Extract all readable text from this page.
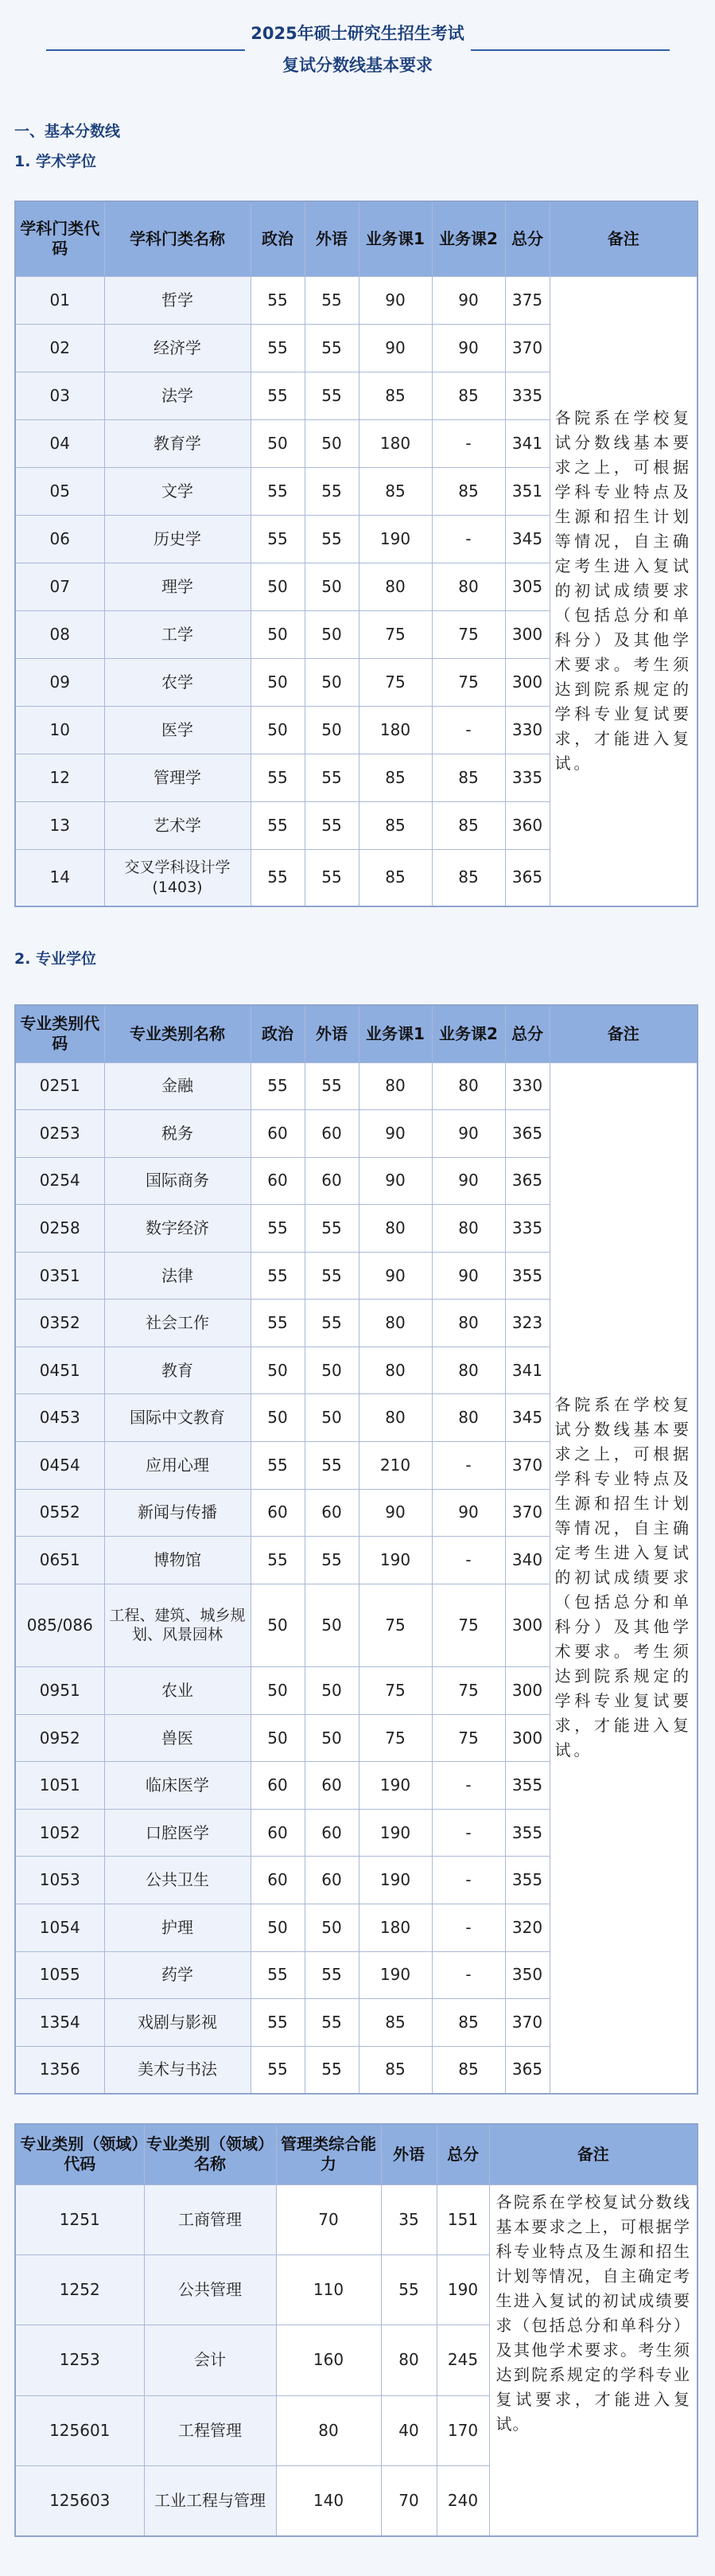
2025年硕士研究生招生考试
复试分数线基本要求
一、基本分数线
1. 学术学位
学科门类代码	学科门类名称	政治	外语	业务课1	业务课2	总分	备注
01	哲学	55	55	90	90	375	各院系在学校复试分数线基本要求之上，可根据学科专业特点及生源和招生计划等情况，自主确定考生进入复试的初试成绩要求（包括总分和单科分）及其他学术要求。考生须达到院系规定的学科专业复试要求，才能进入复试。
02	经济学	55	55	90	90	370	
03	法学	55	55	85	85	335	
04	教育学	50	50	180	-	341	
05	文学	55	55	85	85	351	
06	历史学	55	55	190	-	345	
07	理学	50	50	80	80	305	
08	工学	50	50	75	75	300	
09	农学	50	50	75	75	300	
10	医学	50	50	180	-	330	
12	管理学	55	55	85	85	335	
13	艺术学	55	55	85	85	360	
14	交叉学科设计学(1403)	55	55	85	85	365	
2. 专业学位
专业类别代码	专业类别名称	政治	外语	业务课1	业务课2	总分	备注
0251	金融	55	55	80	80	330	各院系在学校复试分数线基本要求之上，可根据学科专业特点及生源和招生计划等情况，自主确定考生进入复试的初试成绩要求（包括总分和单科分）及其他学术要求。考生须达到院系规定的学科专业复试要求，才能进入复试。
0253	税务	60	60	90	90	365	
0254	国际商务	60	60	90	90	365	
0258	数字经济	55	55	80	80	335	
0351	法律	55	55	90	90	355	
0352	社会工作	55	55	80	80	323	
0451	教育	50	50	80	80	341	
0453	国际中文教育	50	50	80	80	345	
0454	应用心理	55	55	210	-	370	
0552	新闻与传播	60	60	90	90	370	
0651	博物馆	55	55	190	-	340	
085/086	工程、建筑、城乡规划、风景园林	50	50	75	75	300	
0951	农业	50	50	75	75	300	
0952	兽医	50	50	75	75	300	
1051	临床医学	60	60	190	-	355	
1052	口腔医学	60	60	190	-	355	
1053	公共卫生	60	60	190	-	355	
1054	护理	50	50	180	-	320	
1055	药学	55	55	190	-	350	
1354	戏剧与影视	55	55	85	85	370	
1356	美术与书法	55	55	85	85	365	
专业类别（领域）代码	专业类别（领域）名称	管理类综合能力	外语	总分	备注
1251	工商管理	70	35	151	各院系在学校复试分数线基本要求之上，可根据学科专业特点及生源和招生计划等情况，自主确定考生进入复试的初试成绩要求（包括总分和单科分）及其他学术要求。考生须达到院系规定的学科专业复试要求，才能进入复试。
1252	公共管理	110	55	190	
1253	会计	160	80	245	
125601	工程管理	80	40	170	
125603	工业工程与管理	140	70	240	
